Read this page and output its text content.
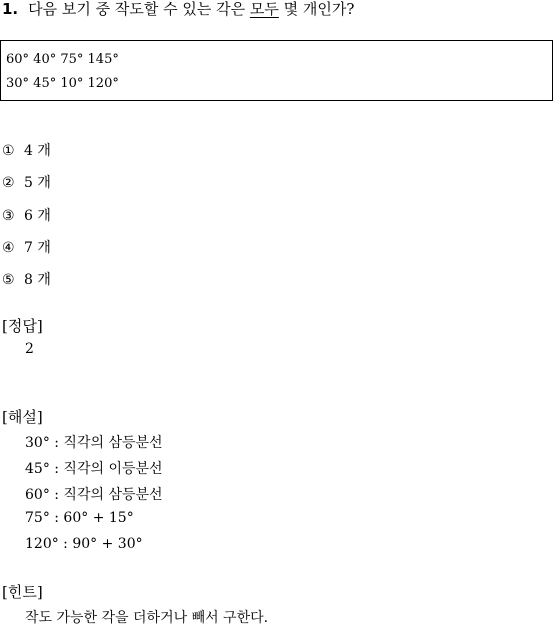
1. 다음 보기 중 작도할 수 있는 각은 모두 몇 개인가?
60° 40° 75° 145°
30° 45° 10° 120°
① 4 개
② 5 개
③ 6 개
④ 7 개
⑤ 8 개
[정답]
2
[해설]
30° : 직각의 삼등분선
45° : 직각의 이등분선
60° : 직각의 삼등분선
75° : 60° + 15°
120° : 90° + 30°
[힌트]
작도 가능한 각을 더하거나 빼서 구한다.
